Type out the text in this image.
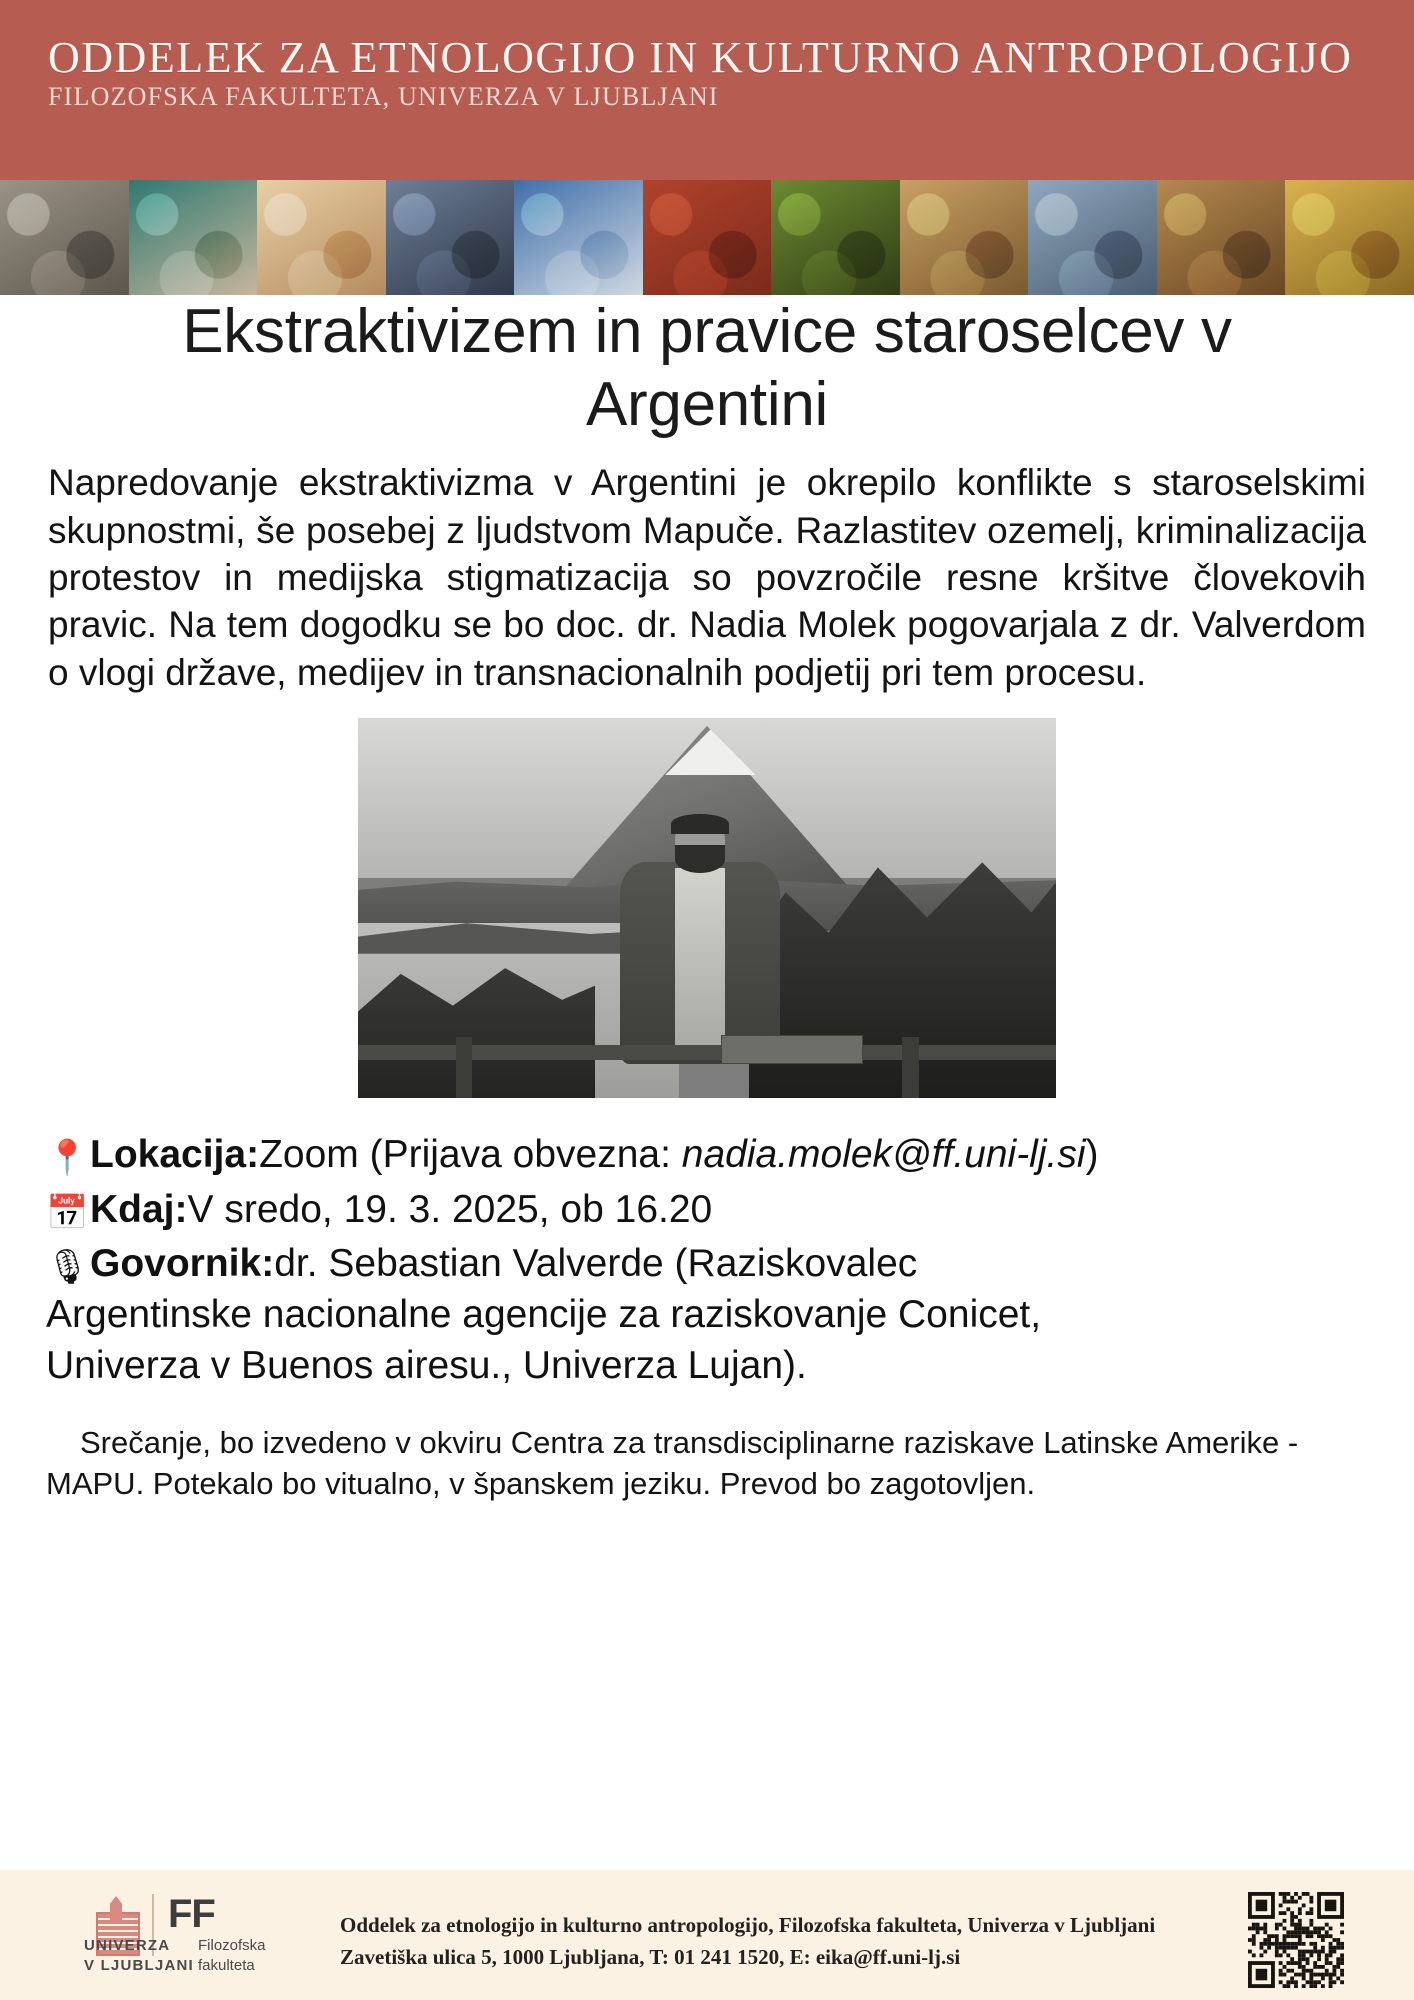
ODDELEK ZA ETNOLOGIJO IN KULTURNO ANTROPOLOGIJO
FILOZOFSKA FAKULTETA, UNIVERZA V LJUBLJANI
Ekstraktivizem in pravice staroselcev v Argentini

Napredovanje ekstraktivizma v Argentini je okrepilo konflikte s staroselskimi skupnostmi, še posebej z ljudstvom Mapuče. Razlastitev ozemelj, kriminalizacija protestov in medijska stigmatizacija so povzročile resne kršitve človekovih pravic. Na tem dogodku se bo doc. dr. Nadia Molek pogovarjala z dr. Valverdom o vlogi države, medijev in transnacionalnih podjetij pri tem procesu.

📍Lokacija:Zoom (Prijava obvezna: nadia.molek@ff.uni-lj.si)
📅Kdaj:V sredo, 19. 3. 2025, ob 16.20
🎙Govornik:dr. Sebastian Valverde (Raziskovalec
Argentinske nacionalne agencije za raziskovanje Conicet,
Univerza v Buenos airesu., Univerza Lujan).

Srečanje, bo izvedeno v okviru Centra za transdisciplinarne raziskave Latinske Amerike - MAPU. Potekalo bo vitualno, v španskem jeziku. Prevod bo zagotovljen.

FF
UNIVERZA
V LJUBLJANI
Filozofska
fakulteta
Oddelek za etnologijo in kulturno antropologijo, Filozofska fakulteta, Univerza v Ljubljani
Zavetiška ulica 5, 1000 Ljubljana, T: 01 241 1520, E: eika@ff.uni-lj.si
